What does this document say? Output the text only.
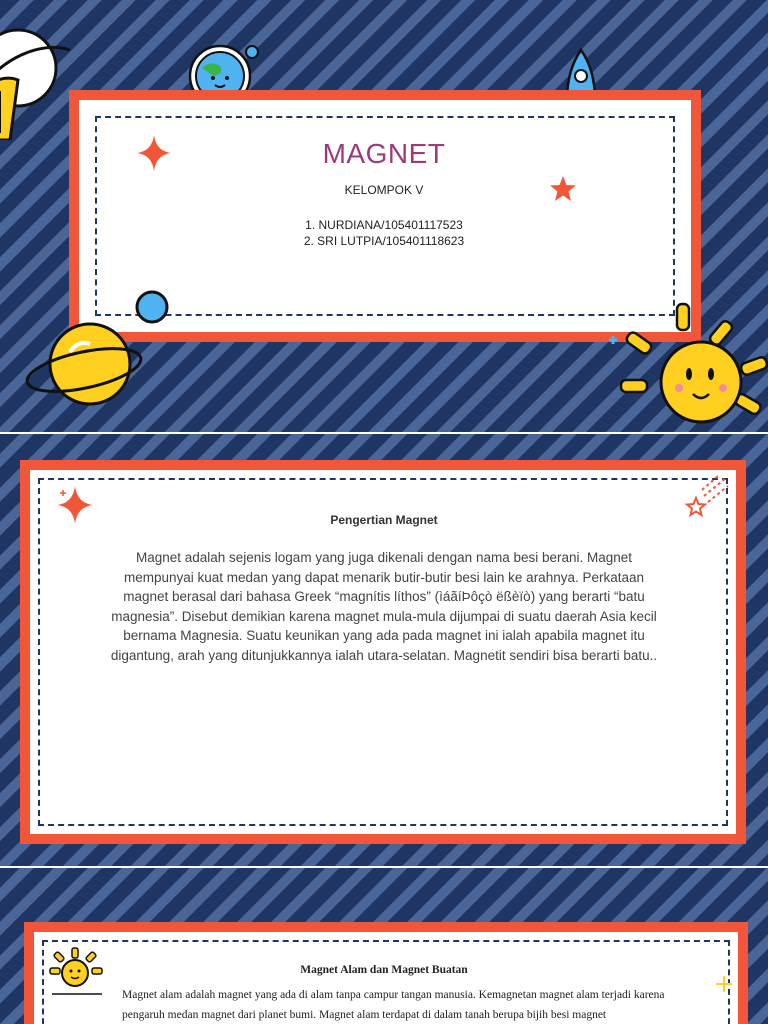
MAGNET
KELOMPOK V
1. NURDIANA/105401117523
2. SRI LUTPIA/105401118623
Pengertian Magnet
Magnet adalah sejenis logam yang juga dikenali dengan nama besi berani. Magnet mempunyai kuat medan yang dapat menarik butir-butir besi lain ke arahnya. Perkataan magnet berasal dari bahasa Greek “magnítis líthos” (ìáãíÞôçò ëßèïò) yang berarti “batu magnesia”. Disebut demikian karena magnet mula-mula dijumpai di suatu daerah Asia kecil bernama Magnesia. Suatu keunikan yang ada pada magnet ini ialah apabila magnet itu digantung, arah yang ditunjukkannya ialah utara-selatan. Magnetit sendiri bisa berarti batu..
Magnet Alam dan Magnet Buatan
Magnet alam adalah magnet yang ada di alam tanpa campur tangan manusia. Kemagnetan magnet alam terjadi karena pengaruh medan magnet dari planet bumi. Magnet alam terdapat di dalam tanah berupa bijih besi magnet
